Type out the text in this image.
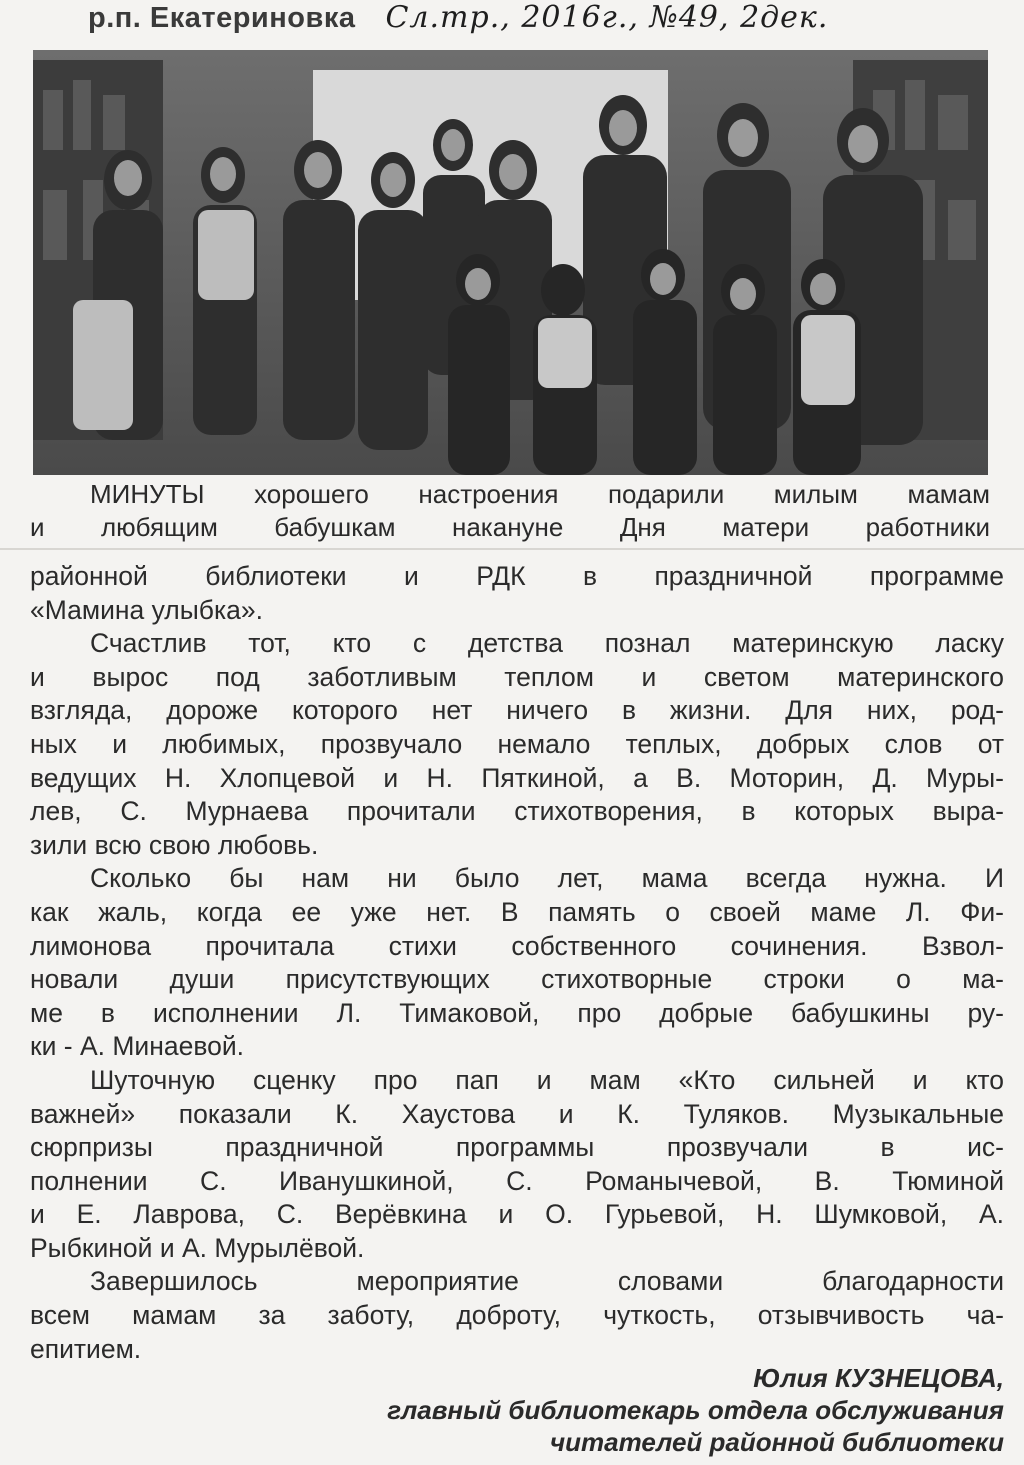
р.п. Екатериновка Сл.тр., 2016г., №49, 2дек.
МИНУТЫ хорошего настроения подарили милым мамам
и любящим бабушкам накануне Дня матери работники
районной библиотеки и РДК в праздничной программе
«Мамина улыбка».
Счастлив тот, кто с детства познал материнскую ласку
и вырос под заботливым теплом и светом материнского
взгляда, дороже которого нет ничего в жизни. Для них, род-
ных и любимых, прозвучало немало теплых, добрых слов от
ведущих Н. Хлопцевой и Н. Пяткиной, а В. Моторин, Д. Муры-
лев, С. Мурнаева прочитали стихотворения, в которых выра-
зили всю свою любовь.
Сколько бы нам ни было лет, мама всегда нужна. И
как жаль, когда ее уже нет. В память о своей маме Л. Фи-
лимонова прочитала стихи собственного сочинения. Взвол-
новали души присутствующих стихотворные строки о ма-
ме в исполнении Л. Тимаковой, про добрые бабушкины ру-
ки - А. Минаевой.
Шуточную сценку про пап и мам «Кто сильней и кто
важней» показали К. Хаустова и К. Туляков. Музыкальные
сюрпризы праздничной программы прозвучали в ис-
полнении С. Иванушкиной, С. Романычевой, В. Тюминой
и Е. Лаврова, С. Верёвкина и О. Гурьевой, Н. Шумковой, А.
Рыбкиной и А. Мурылёвой.
Завершилось мероприятие словами благодарности
всем мамам за заботу, доброту, чуткость, отзывчивость ча-
епитием.
Юлия КУЗНЕЦОВА,
главный библиотекарь отдела обслуживания
читателей районной библиотеки
